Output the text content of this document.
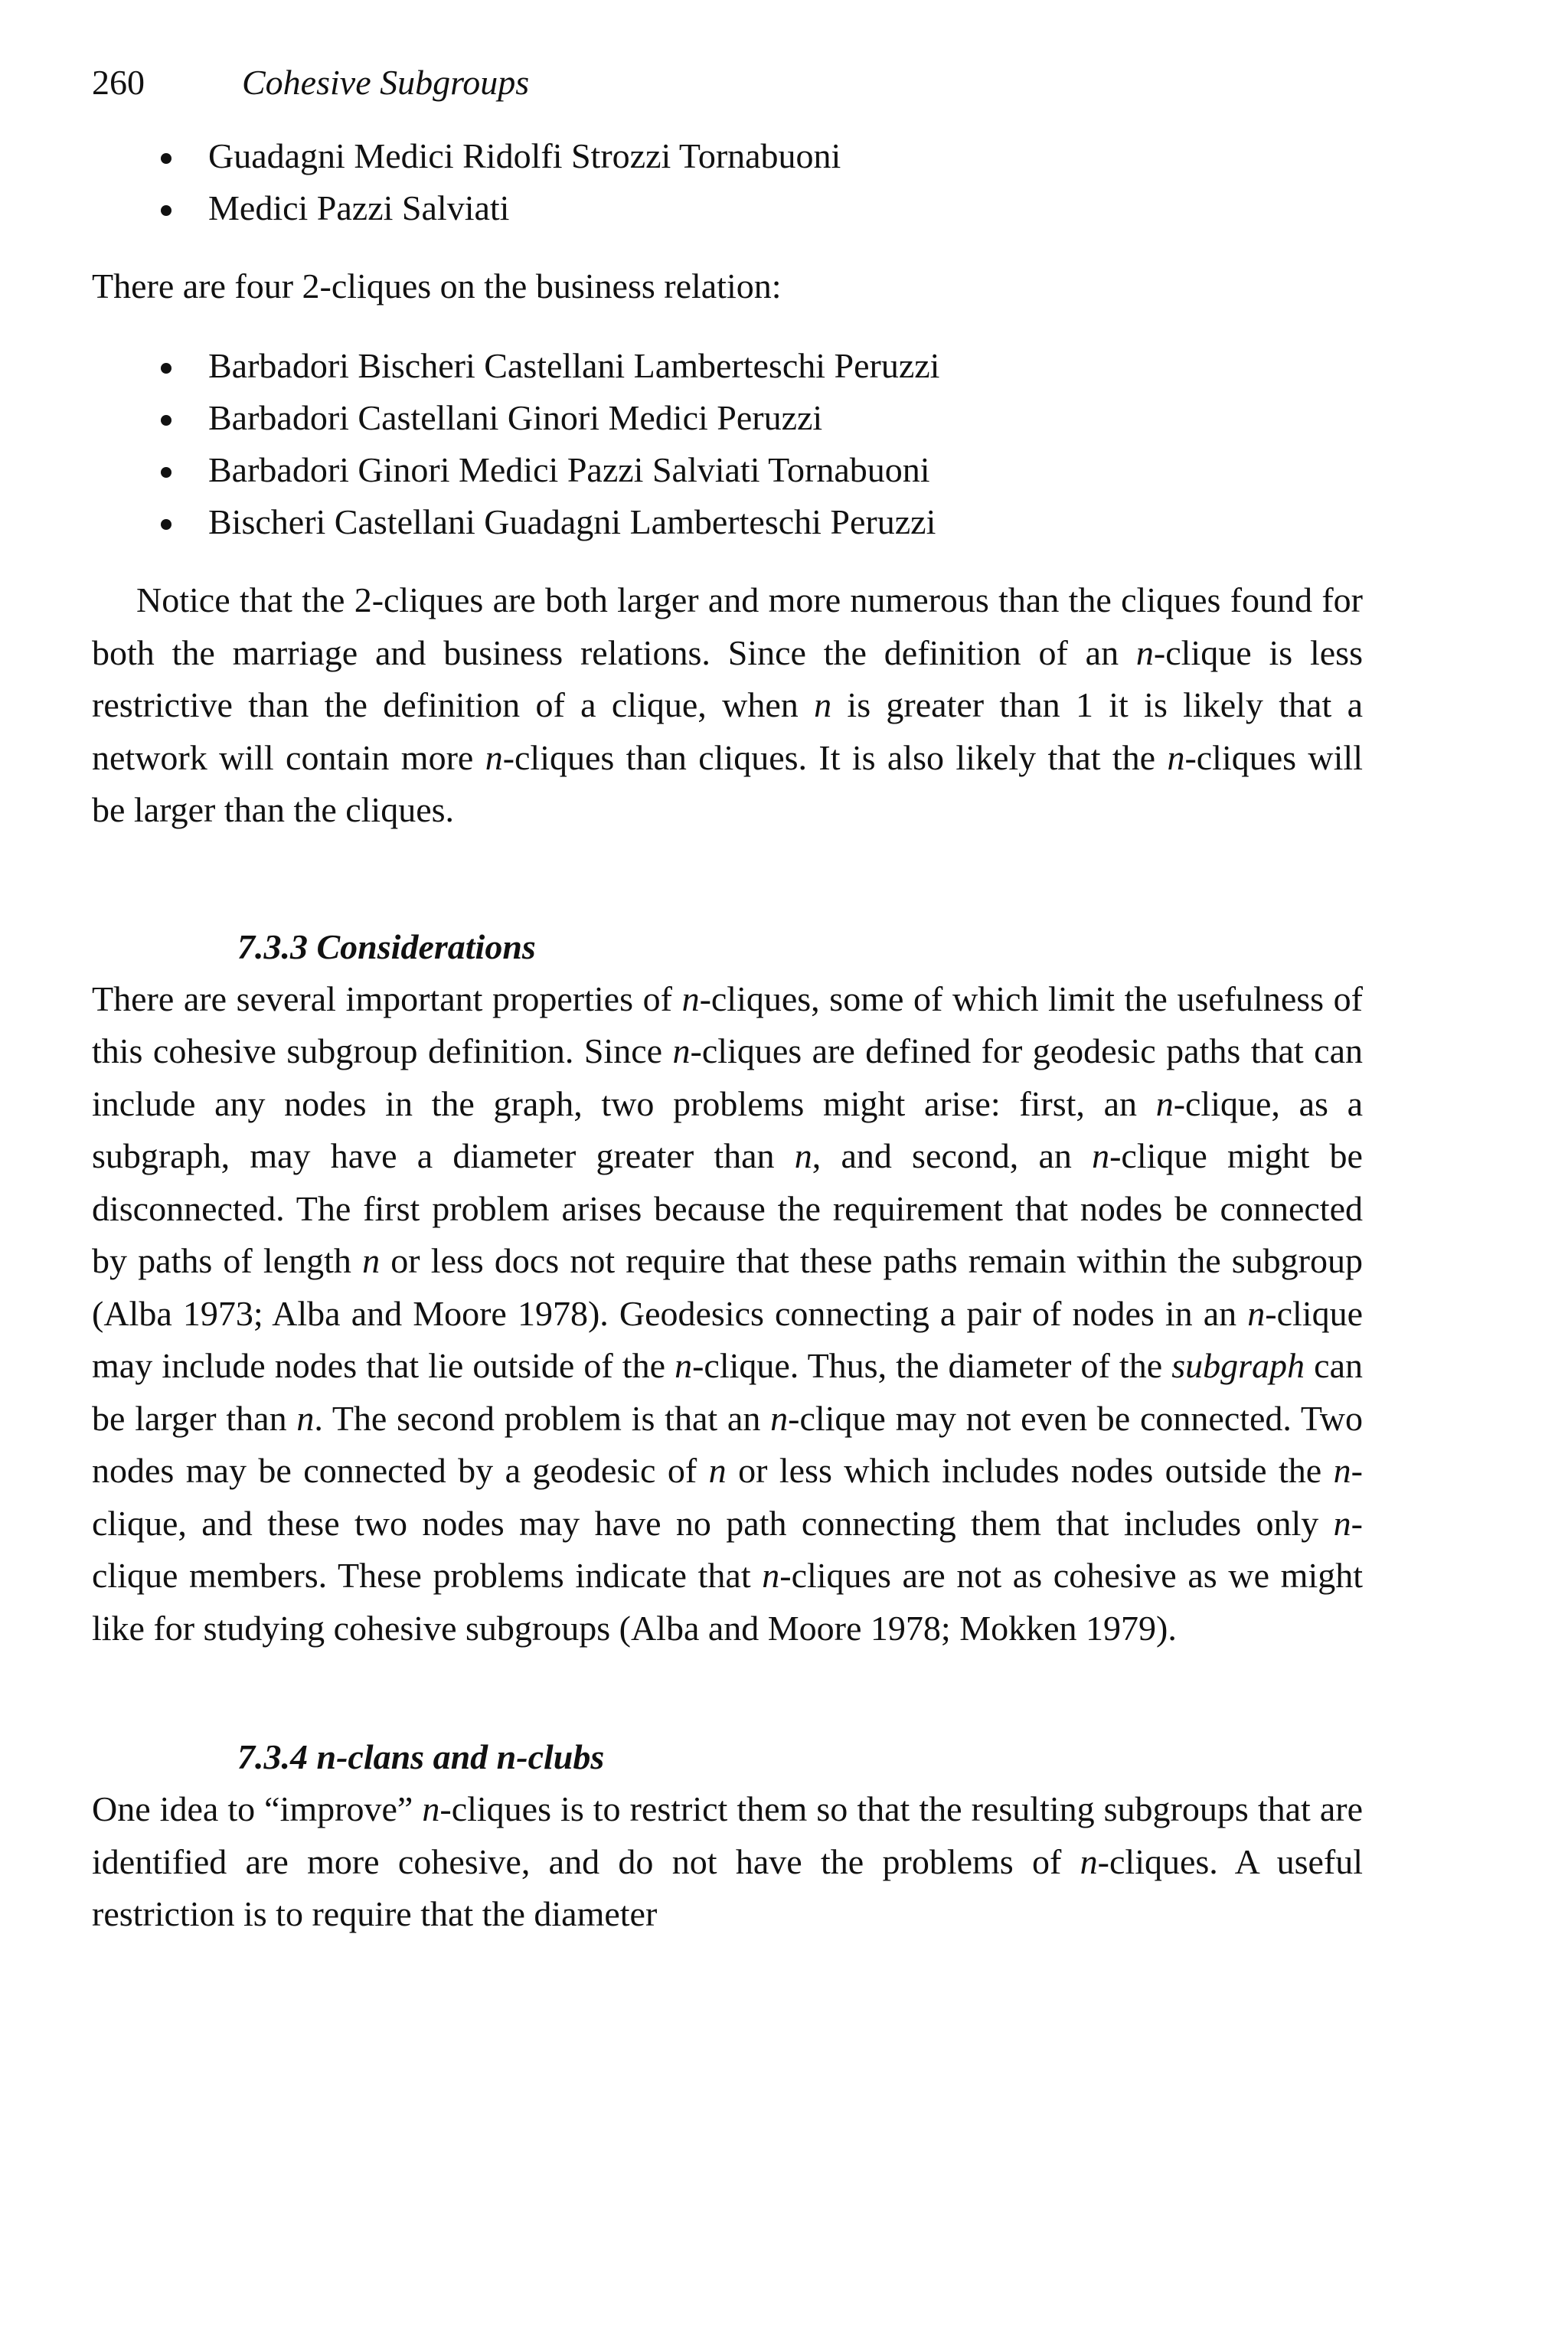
260	Cohesive Subgroups
Guadagni Medici Ridolfi Strozzi Tornabuoni
Medici Pazzi Salviati
There are four 2-cliques on the business relation:
Barbadori Bischeri Castellani Lamberteschi Peruzzi
Barbadori Castellani Ginori Medici Peruzzi
Barbadori Ginori Medici Pazzi Salviati Tornabuoni
Bischeri Castellani Guadagni Lamberteschi Peruzzi

Notice that the 2-cliques are both larger and more numerous than the cliques found for both the marriage and business relations. Since the definition of an n-clique is less restrictive than the definition of a clique, when n is greater than 1 it is likely that a network will contain more n-cliques than cliques. It is also likely that the n-cliques will be larger than the cliques.

7.3.3 Considerations

There are several important properties of n-cliques, some of which limit the usefulness of this cohesive subgroup definition. Since n-cliques are defined for geodesic paths that can include any nodes in the graph, two problems might arise: first, an n-clique, as a subgraph, may have a diameter greater than n, and second, an n-clique might be disconnected. The first problem arises because the requirement that nodes be connected by paths of length n or less docs not require that these paths remain within the subgroup (Alba 1973; Alba and Moore 1978). Geodesics connecting a pair of nodes in an n-clique may include nodes that lie outside of the n-clique. Thus, the diameter of the subgraph can be larger than n. The second problem is that an n-clique may not even be connected. Two nodes may be connected by a geodesic of n or less which includes nodes outside the n-clique, and these two nodes may have no path connecting them that includes only n-clique members. These problems indicate that n-cliques are not as cohesive as we might like for studying cohesive subgroups (Alba and Moore 1978; Mokken 1979).

7.3.4 n-clans and n-clubs

One idea to “improve” n-cliques is to restrict them so that the resulting subgroups that are identified are more cohesive, and do not have the problems of n-cliques. A useful restriction is to require that the diameter
